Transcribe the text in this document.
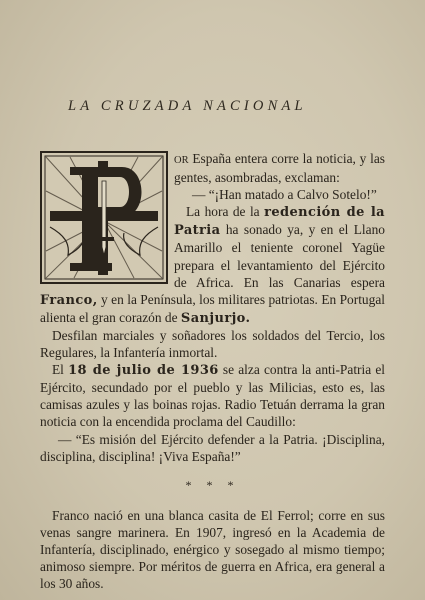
LA CRUZADA NACIONAL

OR España entera corre la noticia, y las gentes, asombradas, exclaman:

— “¡Han matado a Calvo Sotelo!”

La hora de la redención de la Patria ha sonado ya, y en el Llano Amarillo el teniente coronel Yagüe prepara el levantamiento del Ejército de Africa. En las Canarias espera Franco, y en la Península, los militares patriotas. En Portugal alienta el gran corazón de Sanjurjo.

Desfilan marciales y soñadores los soldados del Tercio, los Regulares, la Infantería inmortal.

El 18 de julio de 1936 se alza contra la anti-Patria el Ejército, secundado por el pueblo y las Milicias, esto es, las camisas azules y las boinas rojas. Radio Tetuán derrama la gran noticia con la encendida proclama del Caudillo:

— “Es misión del Ejército defender a la Patria. ¡Disciplina, disciplina, disciplina! ¡Viva España!”

* * *

Franco nació en una blanca casita de El Ferrol; corre en sus venas sangre marinera. En 1907, ingresó en la Academia de Infantería, disciplinado, enérgico y sosegado al mismo tiempo; animoso siempre. Por méritos de guerra en Africa, era general a los 30 años.
